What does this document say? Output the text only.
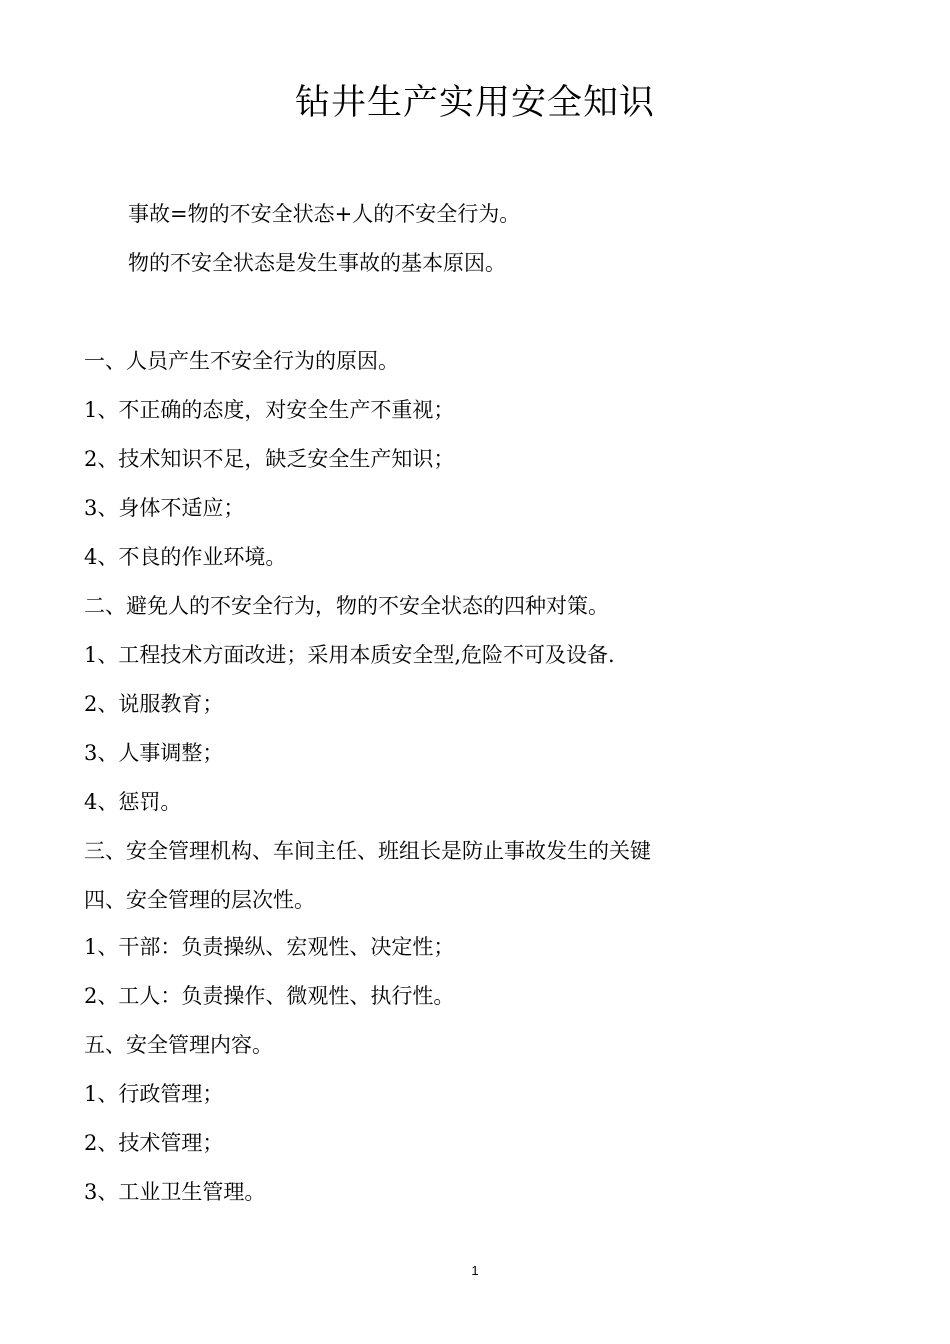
钻井生产实用安全知识
事故=物的不安全状态+人的不安全行为。
物的不安全状态是发生事故的基本原因。
一、人员产生不安全行为的原因。
1、不正确的态度，对安全生产不重视；
2、技术知识不足，缺乏安全生产知识；
3、身体不适应；
4、不良的作业环境。
二、避免人的不安全行为，物的不安全状态的四种对策。
1、工程技术方面改进；采用本质安全型,危险不可及设备.
2、说服教育；
3、人事调整；
4、惩罚。
三、安全管理机构、车间主任、班组长是防止事故发生的关键
四、安全管理的层次性。
1、干部：负责操纵、宏观性、决定性；
2、工人：负责操作、微观性、执行性。
五、安全管理内容。
1、行政管理；
2、技术管理；
3、工业卫生管理。
1
